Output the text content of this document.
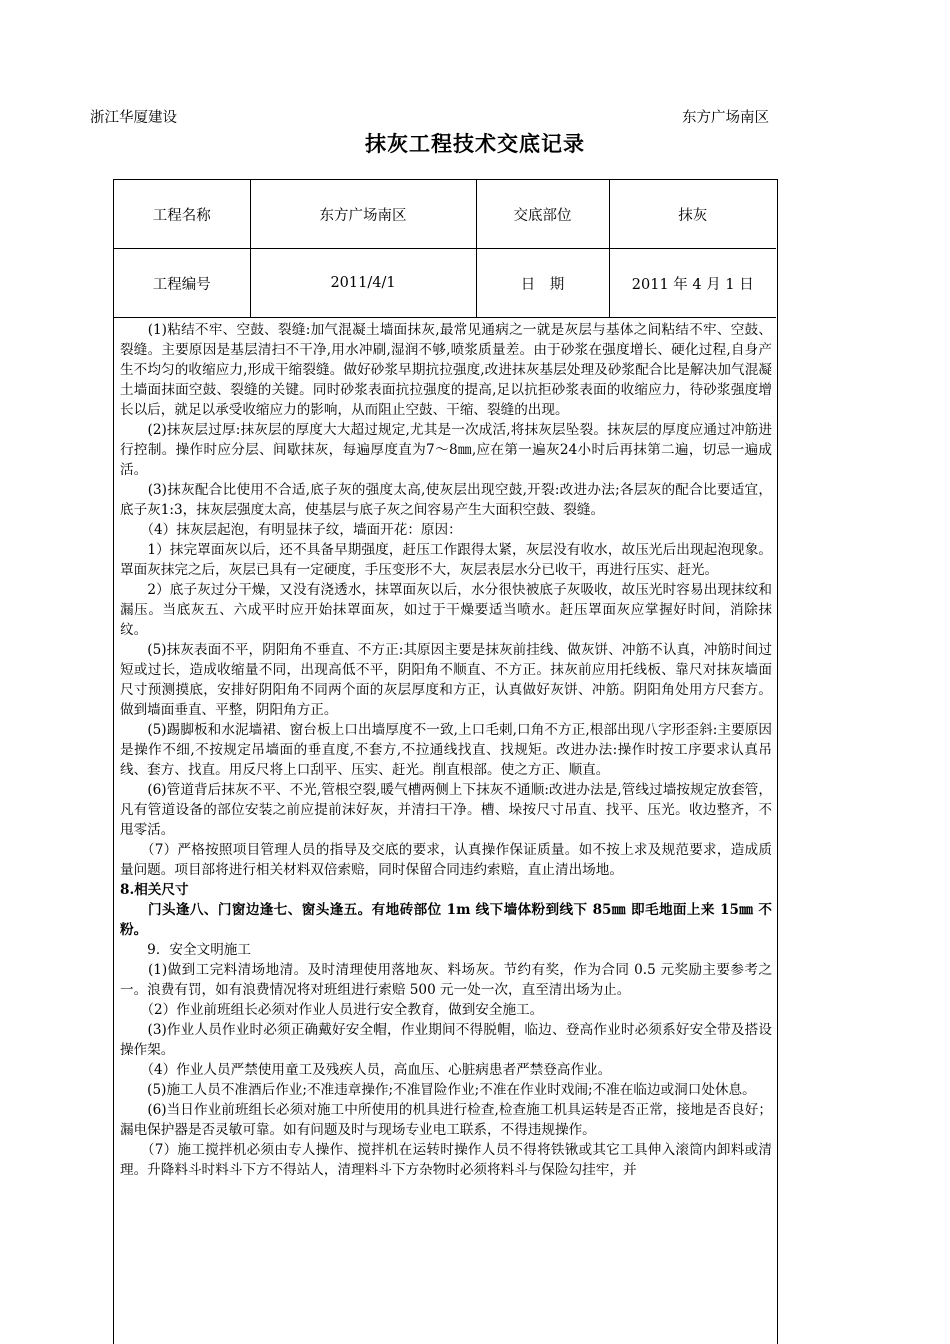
浙江华厦建设	东方广场南区
抹灰工程技术交底记录
工程名称	东方广场南区	交底部位	抹灰
工程编号	2011/4/1	日　期	2011 年 4 月 1 日

　　(1)粘结不牢、空鼓、裂缝:加气混凝土墙面抹灰,最常见通病之一就是灰层与基体之间粘结不牢、空鼓、裂缝。主要原因是基层清扫不干净,用水冲刷,湿润不够,喷浆质量差。由于砂浆在强度增长、硬化过程,自身产生不均匀的收缩应力,形成干缩裂缝。做好砂浆早期抗拉强度,改进抹灰基层处理及砂浆配合比是解决加气混凝土墙面抹面空鼓、裂缝的关键。同时砂浆表面抗拉强度的提高,足以抗拒砂浆表面的收缩应力，待砂浆强度增长以后，就足以承受收缩应力的影响，从而阻止空鼓、干缩、裂缝的出现。

　　(2)抹灰层过厚:抹灰层的厚度大大超过规定,尤其是一次成活,将抹灰层坠裂。抹灰层的厚度应通过冲筋进行控制。操作时应分层、间歇抹灰，每遍厚度直为7～8㎜,应在第一遍灰24小时后再抹第二遍，切忌一遍成活。

　　(3)抹灰配合比使用不合适,底子灰的强度太高,使灰层出现空鼓,开裂:改进办法;各层灰的配合比要适宜，底子灰1:3，抹灰层强度太高，使基层与底子灰之间容易产生大面积空鼓、裂缝。

　　（4）抹灰层起泡，有明显抹子纹，墙面开花：原因：

　　1）抹完罩面灰以后，还不具备早期强度，赶压工作跟得太紧，灰层没有收水，故压光后出现起泡现象。罩面灰抹完之后，灰层已具有一定硬度，手压变形不大，灰层表层水分已收干，再进行压实、赶光。

　　2）底子灰过分干燥，又没有浇透水，抹罩面灰以后，水分很快被底子灰吸收，故压光时容易出现抹纹和漏压。当底灰五、六成平时应开始抹罩面灰，如过于干燥要适当喷水。赶压罩面灰应掌握好时间，消除抹纹。

　　(5)抹灰表面不平，阴阳角不垂直、不方正:其原因主要是抹灰前挂线、做灰饼、冲筋不认真，冲筋时间过短或过长，造成收缩量不同，出现高低不平，阴阳角不顺直、不方正。抹灰前应用托线板、靠尺对抹灰墙面尺寸预测摸底，安排好阴阳角不同两个面的灰层厚度和方正，认真做好灰饼、冲筋。阴阳角处用方尺套方。做到墙面垂直、平整，阴阳角方正。

　　(5)踢脚板和水泥墙裙、窗台板上口出墙厚度不一致,上口毛刺,口角不方正,根部出现八字形歪斜:主要原因是操作不细,不按规定吊墙面的垂直度,不套方,不拉通线找直、找规矩。改进办法:操作时按工序要求认真吊线、套方、找直。用反尺将上口刮平、压实、赶光。削直根部。使之方正、顺直。

　　(6)管道背后抹灰不平、不光,管根空裂,暖气槽两侧上下抹灰不通顺:改进办法是,管线过墙按规定放套管，凡有管道设备的部位安装之前应提前沫好灰，并清扫干净。槽、垛按尺寸吊直、找平、压光。收边整齐，不甩零活。

　　（7）严格按照项目管理人员的指导及交底的要求，认真操作保证质量。如不按上求及规范要求，造成质量问题。项目部将进行相关材料双倍索赔，同时保留合同违约索赔，直止清出场地。

8.相关尺寸

　　门头逢八、门窗边逢七、窗头逢五。有地砖部位 1m 线下墙体粉到线下 85㎜ 即毛地面上来 15㎜ 不粉。

　　9．安全文明施工

　　(1)做到工完料清场地清。及时清理使用落地灰、料场灰。节约有奖，作为合同 0.5 元奖励主要参考之一。浪费有罚，如有浪费情况将对班组进行索赔 500 元一处一次，直至清出场为止。

　　（2）作业前班组长必须对作业人员进行安全教育，做到安全施工。

　　(3)作业人员作业时必须正确戴好安全帽，作业期间不得脱帽，临边、登高作业时必须系好安全带及搭设操作架。

　　（4）作业人员严禁使用童工及残疾人员，高血压、心脏病患者严禁登高作业。

　　(5)施工人员不准酒后作业;不准违章操作;不准冒险作业;不准在作业时戏闹;不准在临边或洞口处休息。

　　(6)当日作业前班组长必须对施工中所使用的机具进行检查,检查施工机具运转是否正常，接地是否良好；漏电保护器是否灵敏可靠。如有问题及时与现场专业电工联系，不得违规操作。

　　（7）施工搅拌机必须由专人操作、搅拌机在运转时操作人员不得将铁锹或其它工具伸入滚筒内卸料或清理。升降料斗时料斗下方不得站人，清理料斗下方杂物时必须将料斗与保险勾挂牢，并
